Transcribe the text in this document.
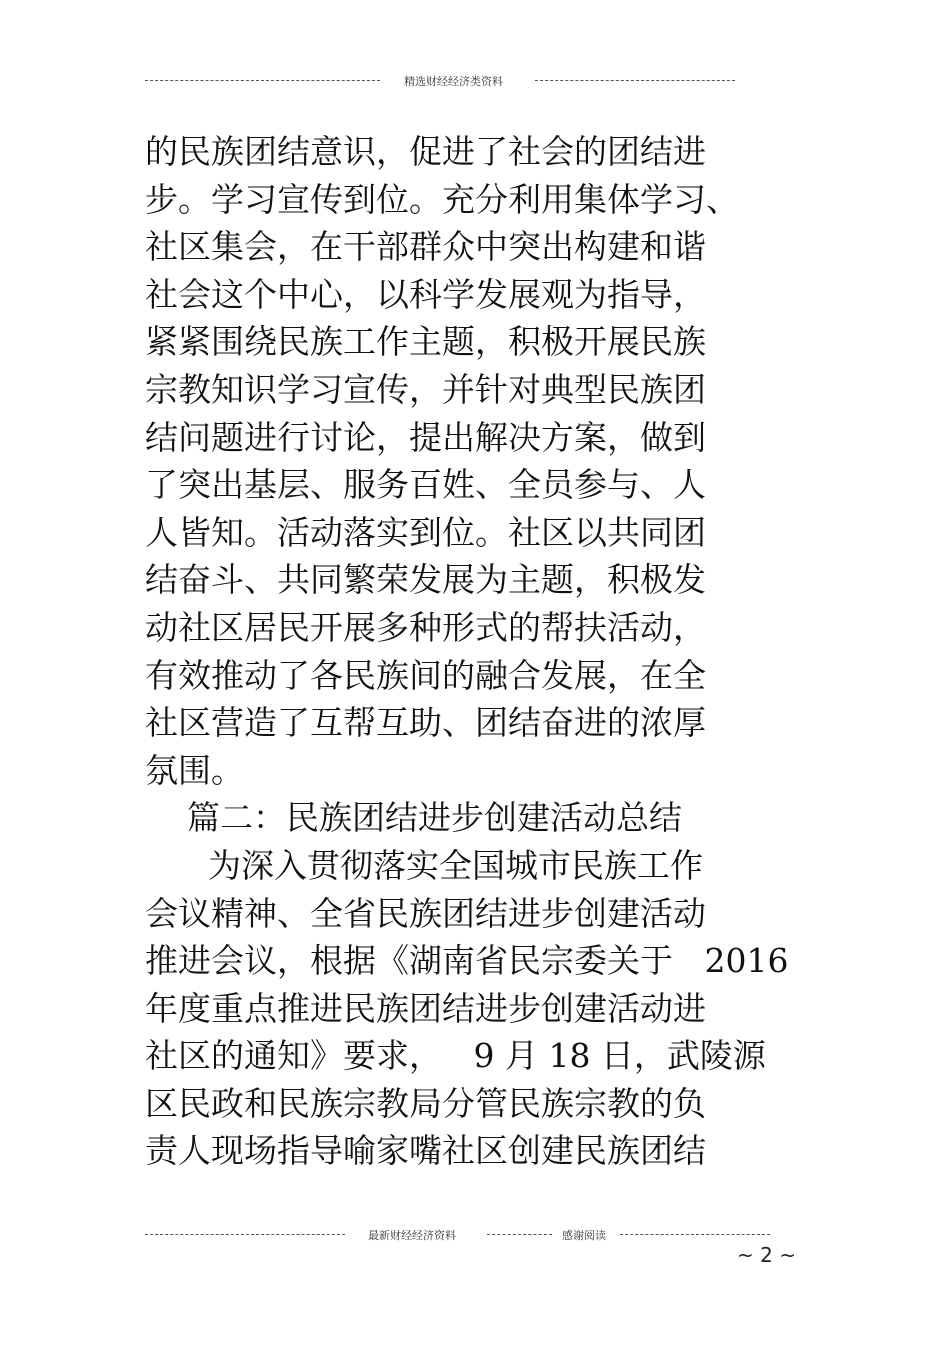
精选财经经济类资料
的民族团结意识，促进了社会的团结进
步。学习宣传到位。充分利用集体学习、
社区集会，在干部群众中突出构建和谐
社会这个中心，以科学发展观为指导，
紧紧围绕民族工作主题，积极开展民族
宗教知识学习宣传，并针对典型民族团
结问题进行讨论，提出解决方案，做到
了突出基层、服务百姓、全员参与、人
人皆知。活动落实到位。社区以共同团
结奋斗、共同繁荣发展为主题，积极发
动社区居民开展多种形式的帮扶活动，
有效推动了各民族间的融合发展，在全
社区营造了互帮互助、团结奋进的浓厚
氛围。
篇二：民族团结进步创建活动总结
为深入贯彻落实全国城市民族工作
会议精神、全省民族团结进步创建活动
推进会议，根据《湖南省民宗委关于   2016
年度重点推进民族团结进步创建活动进
社区的通知》要求，   9 月 18 日，武陵源
区民政和民族宗教局分管民族宗教的负
责人现场指导喻家嘴社区创建民族团结
最新财经经济资料	感谢阅读
~ 2 ~
